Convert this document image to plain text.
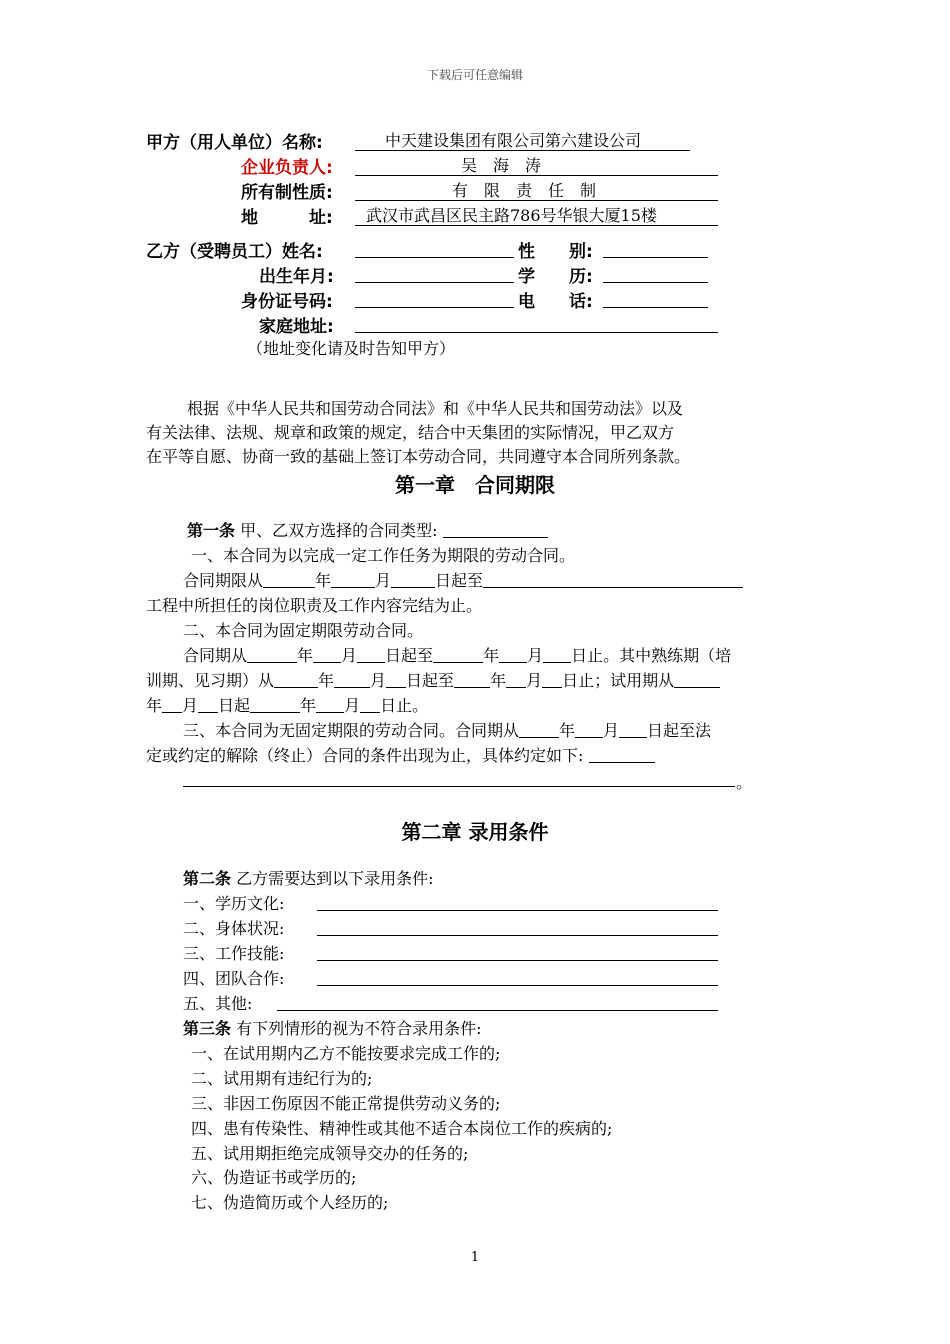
下载后可任意编辑
甲方（用人单位）名称:	中天建设集团有限公司第六建设公司
企业负责人:	吴　海　涛
所有制性质:	有　限　责　任　制
地　　　址: 武汉市武昌区民主路786号华银大厦15楼
乙方（受聘员工）姓名:	性　　别:
出生年月:	学　　历:
身份证号码:	电　　话:
家庭地址:
（地址变化请及时告知甲方）
根据《中华人民共和国劳动合同法》和《中华人民共和国劳动法》以及
有关法律、法规、规章和政策的规定，结合中天集团的实际情况，甲乙双方
在平等自愿、协商一致的基础上签订本劳动合同，共同遵守本合同所列条款。
第一章　合同期限
第一条 甲、乙双方选择的合同类型:
一、本合同为以完成一定工作任务为期限的劳动合同。
合同期限从	年	月	日起至
工程中所担任的岗位职责及工作内容完结为止。
二、本合同为固定期限劳动合同。
合同期从	年 月 日起至	年 月 日止。其中熟练期（培
训期、见习期）从	年 月 日起至 年 月 日止；试用期从
年 月 日起	年 月 日止。
三、本合同为无固定期限的劳动合同。合同期从	年 月 日起至法
定或约定的解除（终止）合同的条件出现为止，具体约定如下:
。
第二章 录用条件
第二条 乙方需要达到以下录用条件:
一、学历文化:
二、身体状况:
三、工作技能:
四、团队合作:
五、其他:
第三条 有下列情形的视为不符合录用条件:
一、在试用期内乙方不能按要求完成工作的;
二、试用期有违纪行为的;
三、非因工伤原因不能正常提供劳动义务的;
四、患有传染性、精神性或其他不适合本岗位工作的疾病的;
五、试用期拒绝完成领导交办的任务的;
六、伪造证书或学历的;
七、伪造简历或个人经历的;
1
